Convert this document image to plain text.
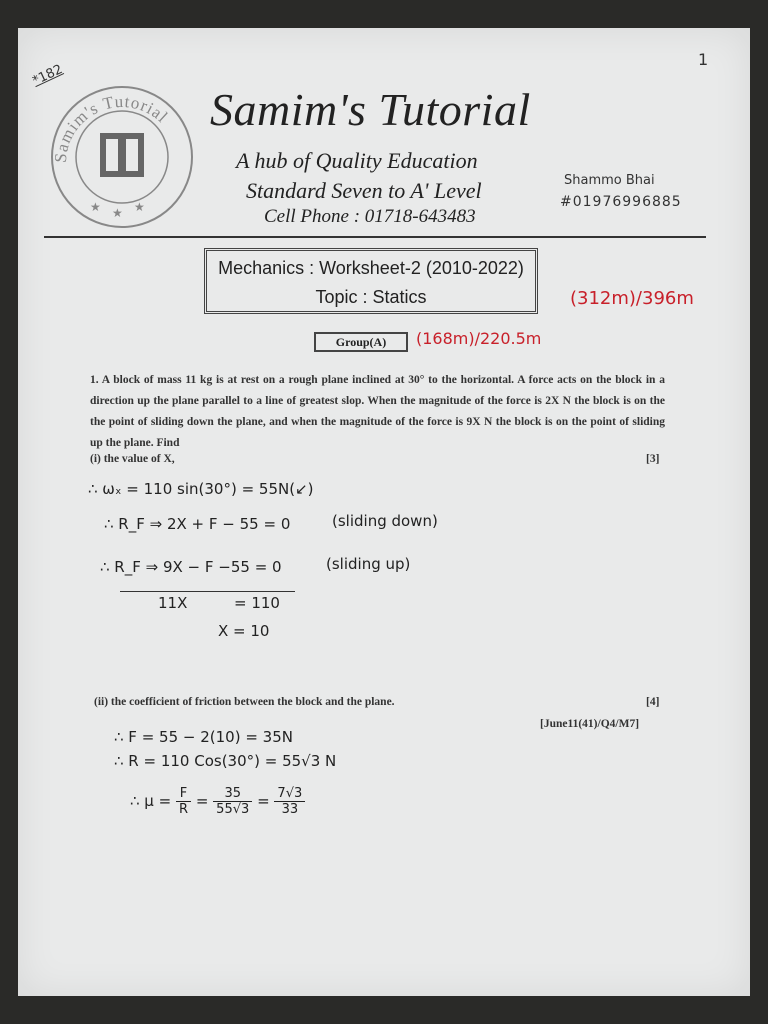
1
*182
Samim's Tutorial
★ ★ ★
Samim's Tutorial
A hub of Quality Education
Standard Seven to A' Level
Cell Phone : 01718-643483
Shammo Bhai
#01976996885
Mechanics : Worksheet-2 (2010-2022)
Topic : Statics	(312m)/396m
Group(A)	(168m)/220.5m
1. A block of mass 11 kg is at rest on a rough plane inclined at 30° to the horizontal. A force acts on the block in a direction up the plane parallel to a line of greatest slop. When the magnitude of the force is 2X N the block is on the the point of sliding down the plane, and when the magnitude of the force is 9X N the block is on the point of sliding up the plane. Find
(i) the value of X,	[3]
∴ ωₓ = 110 sin(30°) = 55N(↙)
∴ R_F ⇒ 2X + F − 55 = 0	(sliding down)
∴ R_F ⇒ 9X − F −55 = 0	(sliding up)
11X	= 110
X = 10
(ii) the coefficient of friction between the block and the plane.	[4]
[June11(41)/Q4/M7]
∴ F = 55 − 2(10) = 35N
∴ R = 110 Cos(30°) = 55√3 N
∴ $\mu = \frac{F}{R} = \frac{35}{55√3} = \frac{7√3}{33}$
